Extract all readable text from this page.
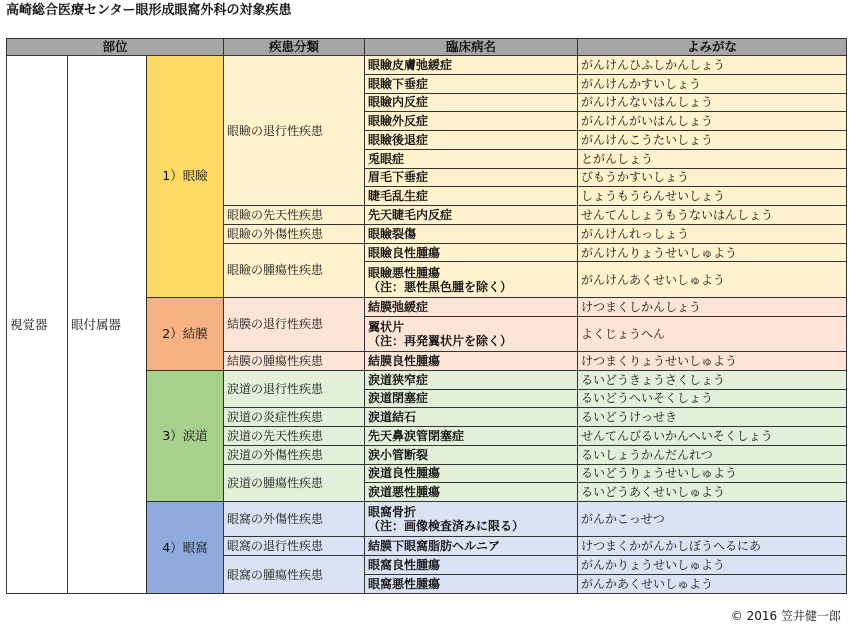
高崎総合医療センター眼形成眼窩外科の対象疾患
部位			疾患分類	臨床病名	よみがな
視覚器	眼付属器	1）眼瞼	眼瞼の退行性疾患	眼瞼皮膚弛緩症	がんけんひふしかんしょう

				眼瞼下垂症	がんけんかすいしょう

				眼瞼内反症	がんけんないはんしょう

				眼瞼外反症	がんけんがいはんしょう

				眼瞼後退症	がんけんこうたいしょう

				兎眼症	とがんしょう

				眉毛下垂症	びもうかすいしょう

				睫毛乱生症	しょうもうらんせいしょう
			眼瞼の先天性疾患	先天睫毛内反症	せんてんしょうもうないはんしょう
			眼瞼の外傷性疾患	眼瞼裂傷	がんけんれっしょう
			眼瞼の腫瘍性疾患	眼瞼良性腫瘍	がんけんりょうせいしゅよう

				眼瞼悪性腫瘍
（注：悪性黒色腫を除く）	がんけんあくせいしゅよう
		2）結膜	結膜の退行性疾患	結膜弛緩症	けつまくしかんしょう

				翼状片
（注：再発翼状片を除く）	よくじょうへん
			結膜の腫瘍性疾患	結膜良性腫瘍	けつまくりょうせいしゅよう
		3）涙道	涙道の退行性疾患	涙道狭窄症	るいどうきょうさくしょう

				涙道閉塞症	るいどうへいそくしょう
			涙道の炎症性疾患	涙道結石	るいどうけっせき
			涙道の先天性疾患	先天鼻涙管閉塞症	せんてんびるいかんへいそくしょう
			涙道の外傷性疾患	涙小管断裂	るいしょうかんだんれつ
			涙道の腫瘍性疾患	涙道良性腫瘍	るいどうりょうせいしゅよう

				涙道悪性腫瘍	るいどうあくせいしゅよう
		4）眼窩	眼窩の外傷性疾患	眼窩骨折
（注：画像検査済みに限る）	がんかこっせつ
			眼窩の退行性疾患	結膜下眼窩脂肪ヘルニア	けつまくかがんかしぼうへるにあ
			眼窩の腫瘍性疾患	眼窩良性腫瘍	がんかりょうせいしゅよう

				眼窩悪性腫瘍	がんかあくせいしゅよう
© 2016 笠井健一郎
